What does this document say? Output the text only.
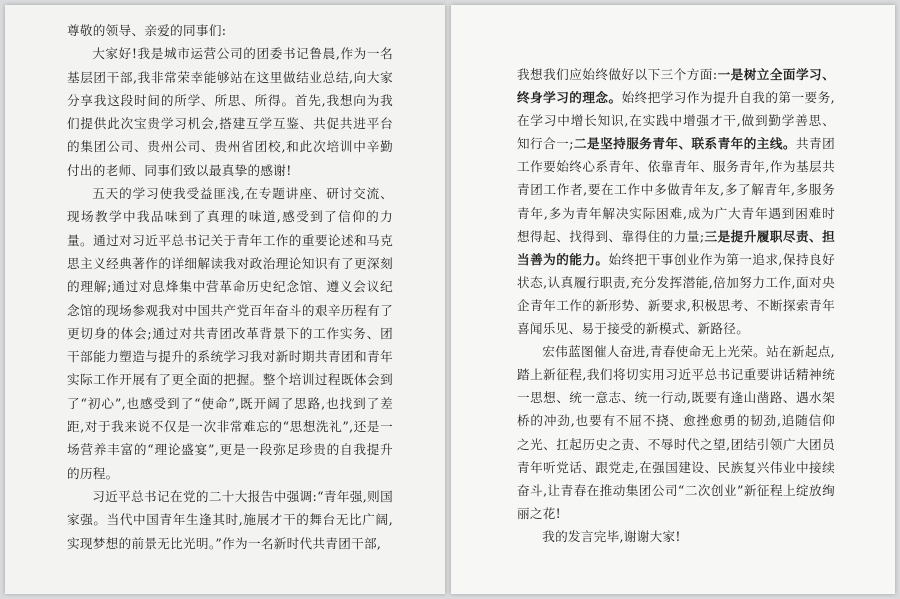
尊敬的领导、亲爱的同事们:

大家好!我是城市运营公司的团委书记鲁晨,作为一名基层团干部,我非常荣幸能够站在这里做结业总结,向大家分享我这段时间的所学、所思、所得。首先,我想向为我们提供此次宝贵学习机会,搭建互学互鉴、共促共进平台的集团公司、贵州公司、贵州省团校,和此次培训中辛勤付出的老师、同事们致以最真挚的感谢!

五天的学习使我受益匪浅,在专题讲座、研讨交流、现场教学中我品味到了真理的味道,感受到了信仰的力量。通过对习近平总书记关于青年工作的重要论述和马克思主义经典著作的详细解读我对政治理论知识有了更深刻的理解;通过对息烽集中营革命历史纪念馆、遵义会议纪念馆的现场参观我对中国共产党百年奋斗的艰辛历程有了更切身的体会;通过对共青团改革背景下的工作实务、团干部能力塑造与提升的系统学习我对新时期共青团和青年实际工作开展有了更全面的把握。整个培训过程既体会到了“初心”,也感受到了“使命”,既开阔了思路,也找到了差距,对于我来说不仅是一次非常难忘的“思想洗礼”,还是一场营养丰富的“理论盛宴”,更是一段弥足珍贵的自我提升的历程。

习近平总书记在党的二十大报告中强调:“青年强,则国家强。当代中国青年生逢其时,施展才干的舞台无比广阔,实现梦想的前景无比光明。”作为一名新时代共青团干部,

我想我们应始终做好以下三个方面:一是树立全面学习、终身学习的理念。始终把学习作为提升自我的第一要务,在学习中增长知识,在实践中增强才干,做到勤学善思、知行合一;二是坚持服务青年、联系青年的主线。共青团工作要始终心系青年、依靠青年、服务青年,作为基层共青团工作者,要在工作中多做青年友,多了解青年,多服务青年,多为青年解决实际困难,成为广大青年遇到困难时想得起、找得到、靠得住的力量;三是提升履职尽责、担当善为的能力。始终把干事创业作为第一追求,保持良好状态,认真履行职责,充分发挥潜能,倍加努力工作,面对央企青年工作的新形势、新要求,积极思考、不断探索青年喜闻乐见、易于接受的新模式、新路径。

宏伟蓝图催人奋进,青春使命无上光荣。站在新起点,踏上新征程,我们将切实用习近平总书记重要讲话精神统一思想、统一意志、统一行动,既要有逢山凿路、遇水架桥的冲劲,也要有不屈不挠、愈挫愈勇的韧劲,追随信仰之光、扛起历史之责、不辱时代之望,团结引领广大团员青年听党话、跟党走,在强国建设、民族复兴伟业中接续奋斗,让青春在推动集团公司“二次创业”新征程上绽放绚丽之花!

我的发言完毕,谢谢大家!
